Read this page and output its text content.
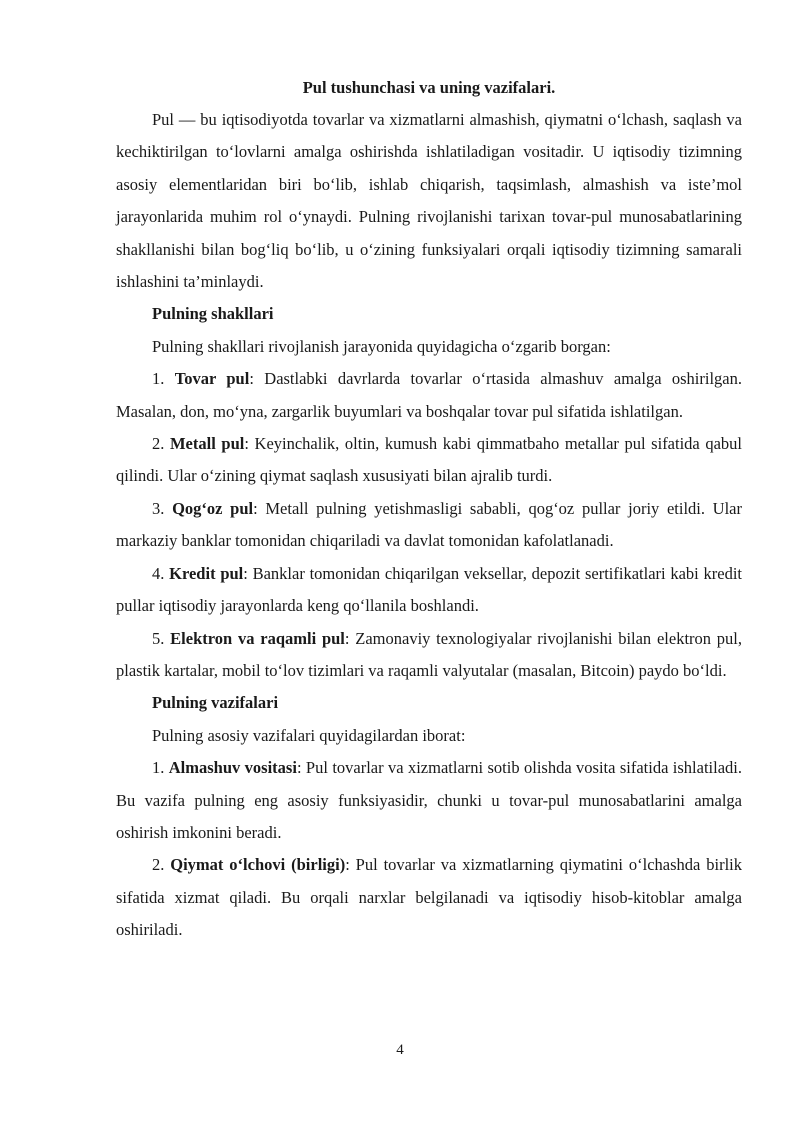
Pul tushunchasi va uning vazifalari.

Pul — bu iqtisodiyotda tovarlar va xizmatlarni almashish, qiymatni o‘lchash, saqlash va kechiktirilgan to‘lovlarni amalga oshirishda ishlatiladigan vositadir. U iqtisodiy tizimning asosiy elementlaridan biri bo‘lib, ishlab chiqarish, taqsimlash, almashish va iste’mol jarayonlarida muhim rol o‘ynaydi. Pulning rivojlanishi tarixan tovar-pul munosabatlarining shakllanishi bilan bog‘liq bo‘lib, u o‘zining funksiyalari orqali iqtisodiy tizimning samarali ishlashini ta’minlaydi.

Pulning shakllari

Pulning shakllari rivojlanish jarayonida quyidagicha o‘zgarib borgan:

1. Tovar pul: Dastlabki davrlarda tovarlar o‘rtasida almashuv amalga oshirilgan. Masalan, don, mo‘yna, zargarlik buyumlari va boshqalar tovar pul sifatida ishlatilgan.

2. Metall pul: Keyinchalik, oltin, kumush kabi qimmatbaho metallar pul sifatida qabul qilindi. Ular o‘zining qiymat saqlash xususiyati bilan ajralib turdi.

3. Qog‘oz pul: Metall pulning yetishmasligi sababli, qog‘oz pullar joriy etildi. Ular markaziy banklar tomonidan chiqariladi va davlat tomonidan kafolatlanadi.

4. Kredit pul: Banklar tomonidan chiqarilgan veksellar, depozit sertifikatlari kabi kredit pullar iqtisodiy jarayonlarda keng qo‘llanila boshlandi.

5. Elektron va raqamli pul: Zamonaviy texnologiyalar rivojlanishi bilan elektron pul, plastik kartalar, mobil to‘lov tizimlari va raqamli valyutalar (masalan, Bitcoin) paydo bo‘ldi.

Pulning vazifalari

Pulning asosiy vazifalari quyidagilardan iborat:

1. Almashuv vositasi: Pul tovarlar va xizmatlarni sotib olishda vosita sifatida ishlatiladi. Bu vazifa pulning eng asosiy funksiyasidir, chunki u tovar-pul munosabatlarini amalga oshirish imkonini beradi.

2. Qiymat o‘lchovi (birligi): Pul tovarlar va xizmatlarning qiymatini o‘lchashda birlik sifatida xizmat qiladi. Bu orqali narxlar belgilanadi va iqtisodiy hisob-kitoblar amalga oshiriladi.

4
